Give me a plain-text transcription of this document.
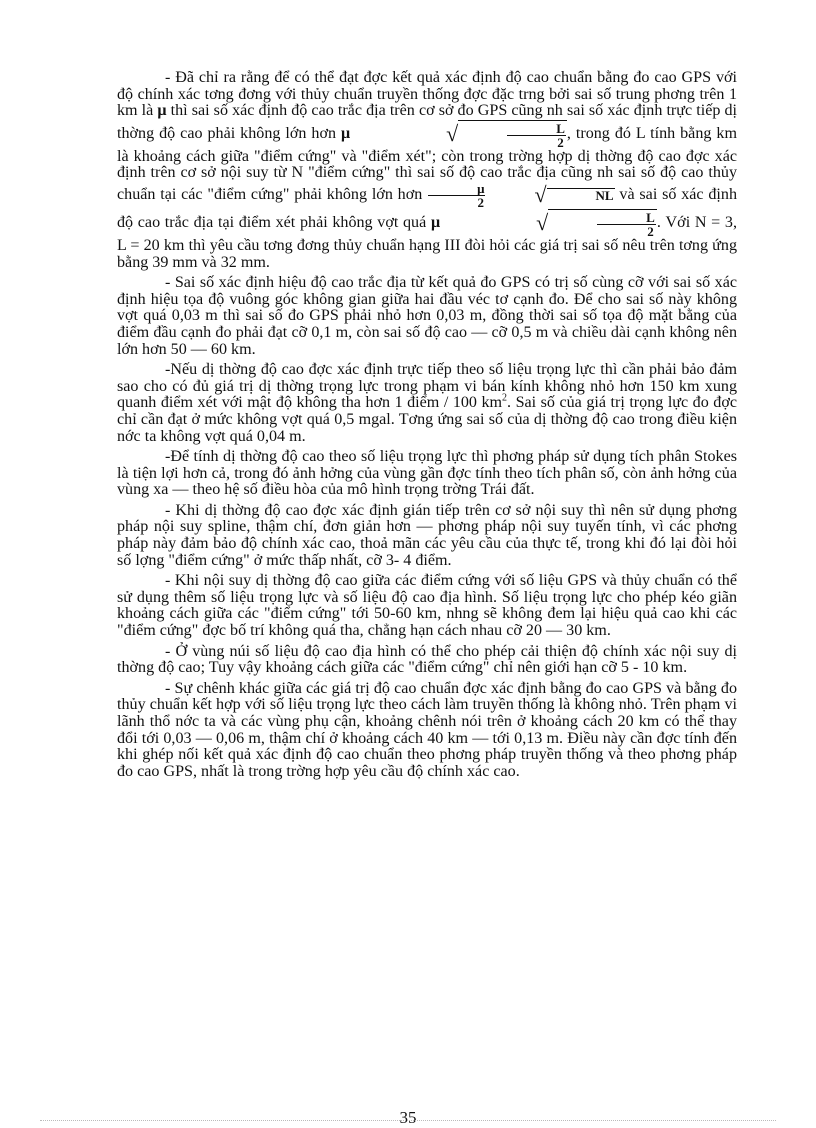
- Đã chỉ ra rằng để có thể đạt đợc kết quả xác định độ cao chuẩn bằng đo cao GPS với độ chính xác tơng đơng với thủy chuẩn truyền thống đợc đặc trng bởi sai số trung phơng trên 1 km là μ thì sai số xác định độ cao trắc địa trên cơ sở đo GPS cũng nh sai số xác định trực tiếp dị thờng độ cao phải không lớn hơn μ	√	$\frac{L}{2}$ , trong đó L tính bằng km là khoảng cách giữa "điểm cứng" và "điểm xét"; còn trong trờng hợp dị thờng độ cao đợc xác định trên cơ sở nội suy từ N "điểm cứng" thì sai số độ cao trắc địa cũng nh sai số độ cao thủy chuẩn tại các "điểm cứng" phải không lớn hơn $\frac{\mu}{2}$ √	NL và sai số xác định độ cao trắc địa tại điểm xét phải không vợt quá μ	√	$\frac{L}{2}$ . Với N = 3, L = 20 km thì yêu cầu tơng đơng thủy chuẩn hạng III đòi hỏi các giá trị sai số nêu trên tơng ứng bằng 39 mm và 32 mm.

- Sai số xác định hiệu độ cao trắc địa từ kết quả đo GPS có trị số cùng cỡ với sai số xác định hiệu tọa độ vuông góc không gian giữa hai đầu véc tơ cạnh đo. Để cho sai số này không vợt quá 0,03 m thì sai số đo GPS phải nhỏ hơn 0,03 m, đồng thời sai số tọa độ mặt bằng của điểm đầu cạnh đo phải đạt cỡ 0,1 m, còn sai số độ cao — cỡ 0,5 m và chiều dài cạnh không nên lớn hơn 50 — 60 km.

-Nếu dị thờng độ cao đợc xác định trực tiếp theo số liệu trọng lực thì cần phải bảo đảm sao cho có đủ giá trị dị thờng trọng lực trong phạm vi bán kính không nhỏ hơn 150 km xung quanh điểm xét với mật độ không tha hơn 1 điểm / 100 $km^2$. Sai số của giá trị trọng lực đo đợc chỉ cần đạt ở mức không vợt quá 0,5 mgal. Tơng ứng sai số của dị thờng độ cao trong điều kiện nớc ta không vợt quá 0,04 m.

-Để tính dị thờng độ cao theo số liệu trọng lực thì phơng pháp sử dụng tích phân Stokes là tiện lợi hơn cả, trong đó ảnh hởng của vùng gần đợc tính theo tích phân số, còn ảnh hởng của vùng xa — theo hệ số điều hòa của mô hình trọng trờng Trái đất.

- Khi dị thờng độ cao đợc xác định gián tiếp trên cơ sở nội suy thì nên sử dụng phơng pháp nội suy spline, thậm chí, đơn giản hơn — phơng pháp nội suy tuyến tính, vì các phơng pháp này đảm bảo độ chính xác cao, thoả mãn các yêu cầu của thực tế, trong khi đó lại đòi hỏi số lợng "điểm cứng" ở mức thấp nhất, cỡ 3- 4 điểm.

- Khi nội suy dị thờng độ cao giữa các điểm cứng với số liệu GPS và thủy chuẩn có thể sử dụng thêm số liệu trọng lực và số liệu độ cao địa hình. Số liệu trọng lực cho phép kéo giãn khoảng cách giữa các "điểm cứng" tới 50-60 km, nhng sẽ không đem lại hiệu quả cao khi các "điểm cứng" đợc bố trí không quá tha, chẳng hạn cách nhau cỡ 20 — 30 km.

- Ở vùng núi số liệu độ cao địa hình có thể cho phép cải thiện độ chính xác nội suy dị thờng độ cao; Tuy vậy khoảng cách giữa các "điểm cứng" chỉ nên giới hạn cỡ 5 - 10 km.

- Sự chênh khác giữa các giá trị độ cao chuẩn đợc xác định bằng đo cao GPS và bằng đo thủy chuẩn kết hợp với số liệu trọng lực theo cách làm truyền thống là không nhỏ. Trên phạm vi lãnh thổ nớc ta và các vùng phụ cận, khoảng chênh nói trên ở khoảng cách 20 km có thể thay đổi tới 0,03 — 0,06 m, thậm chí ở khoảng cách 40 km — tới 0,13 m. Điều này cần đợc tính đến khi ghép nối kết quả xác định độ cao chuẩn theo phơng pháp truyền thống và theo phơng pháp đo cao GPS, nhất là trong trờng hợp yêu cầu độ chính xác cao.

35
